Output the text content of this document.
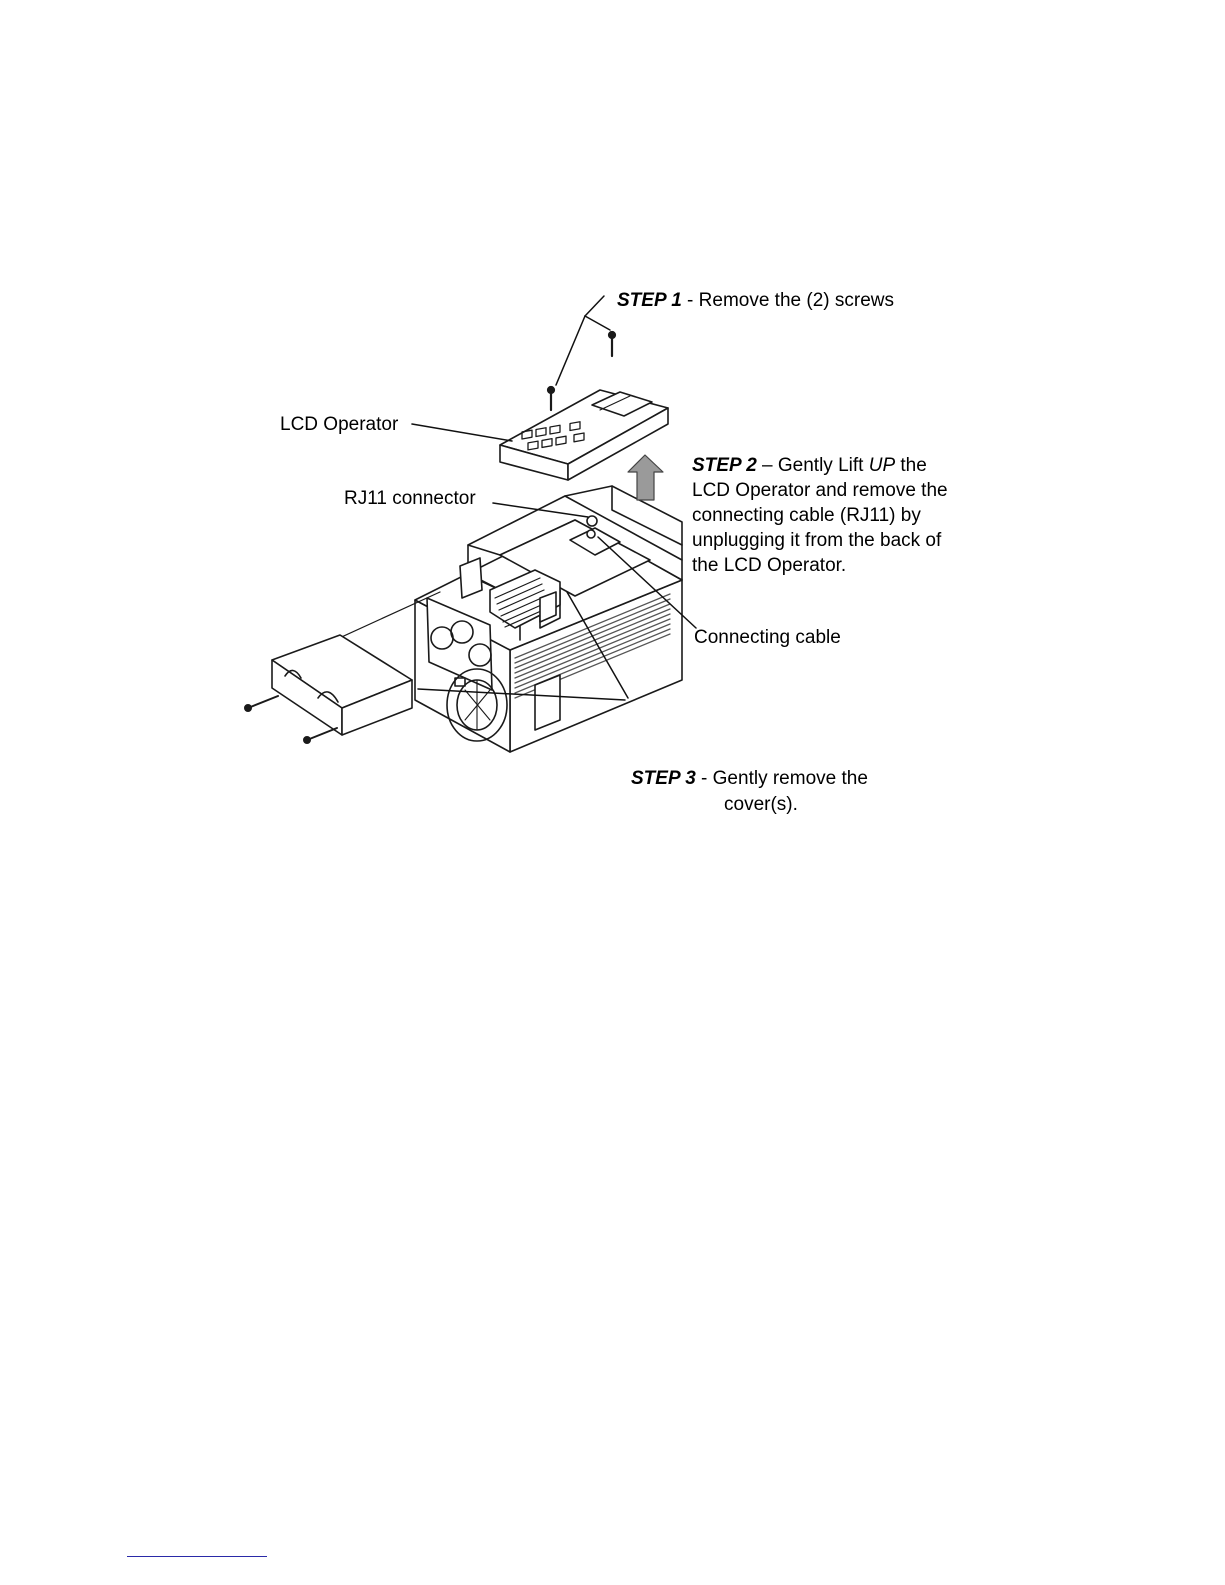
STEP 1 - Remove the (2) screws
LCD Operator
STEP 2 – Gently Lift UP the
LCD Operator and remove the
connecting cable (RJ11) by
unplugging it from the back of
the LCD Operator.
RJ11 connector
Connecting cable
STEP 3 - Gently remove the
cover(s).
